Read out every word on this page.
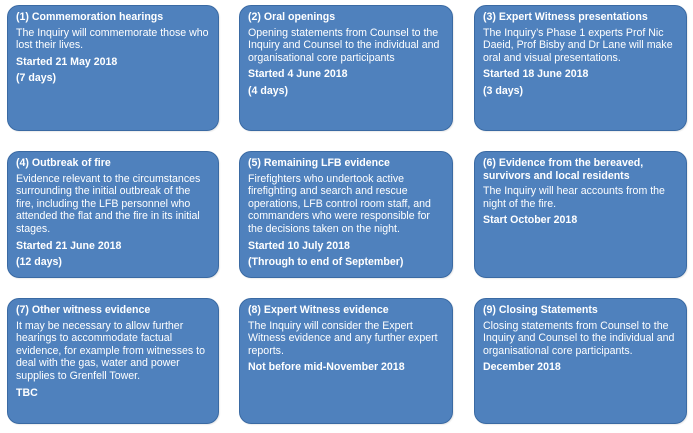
(1) Commemoration hearings
The Inquiry will commemorate those who lost their lives.
Started 21 May 2018
(7 days)
(2) Oral openings
Opening statements from Counsel to the Inquiry and Counsel to the individual and organisational core participants
Started 4 June 2018
(4 days)
(3) Expert Witness presentations
The Inquiry’s Phase 1 experts Prof Nic Daeid, Prof Bisby and Dr Lane will make oral and visual presentations.
Started 18 June 2018
(3 days)
(4) Outbreak of fire
Evidence relevant to the circumstances surrounding the initial outbreak of the fire, including the LFB personnel who attended the flat and the fire in its initial stages.
Started 21 June 2018
(12 days)
(5) Remaining LFB evidence
Firefighters who undertook active firefighting and search and rescue operations, LFB control room staff, and commanders who were responsible for the decisions taken on the night.
Started 10 July 2018
(Through to end of September)
(6) Evidence from the bereaved, survivors and local residents
The Inquiry will hear accounts from the night of the fire.
Start October 2018
(7) Other witness evidence
It may be necessary to allow further hearings to accommodate factual evidence, for example from witnesses to deal with the gas, water and power supplies to Grenfell Tower.
TBC
(8) Expert Witness evidence
The Inquiry will consider the Expert Witness evidence and any further expert reports.
Not before mid-November 2018
(9) Closing Statements
Closing statements from Counsel to the Inquiry and Counsel to the individual and organisational core participants.
December 2018
